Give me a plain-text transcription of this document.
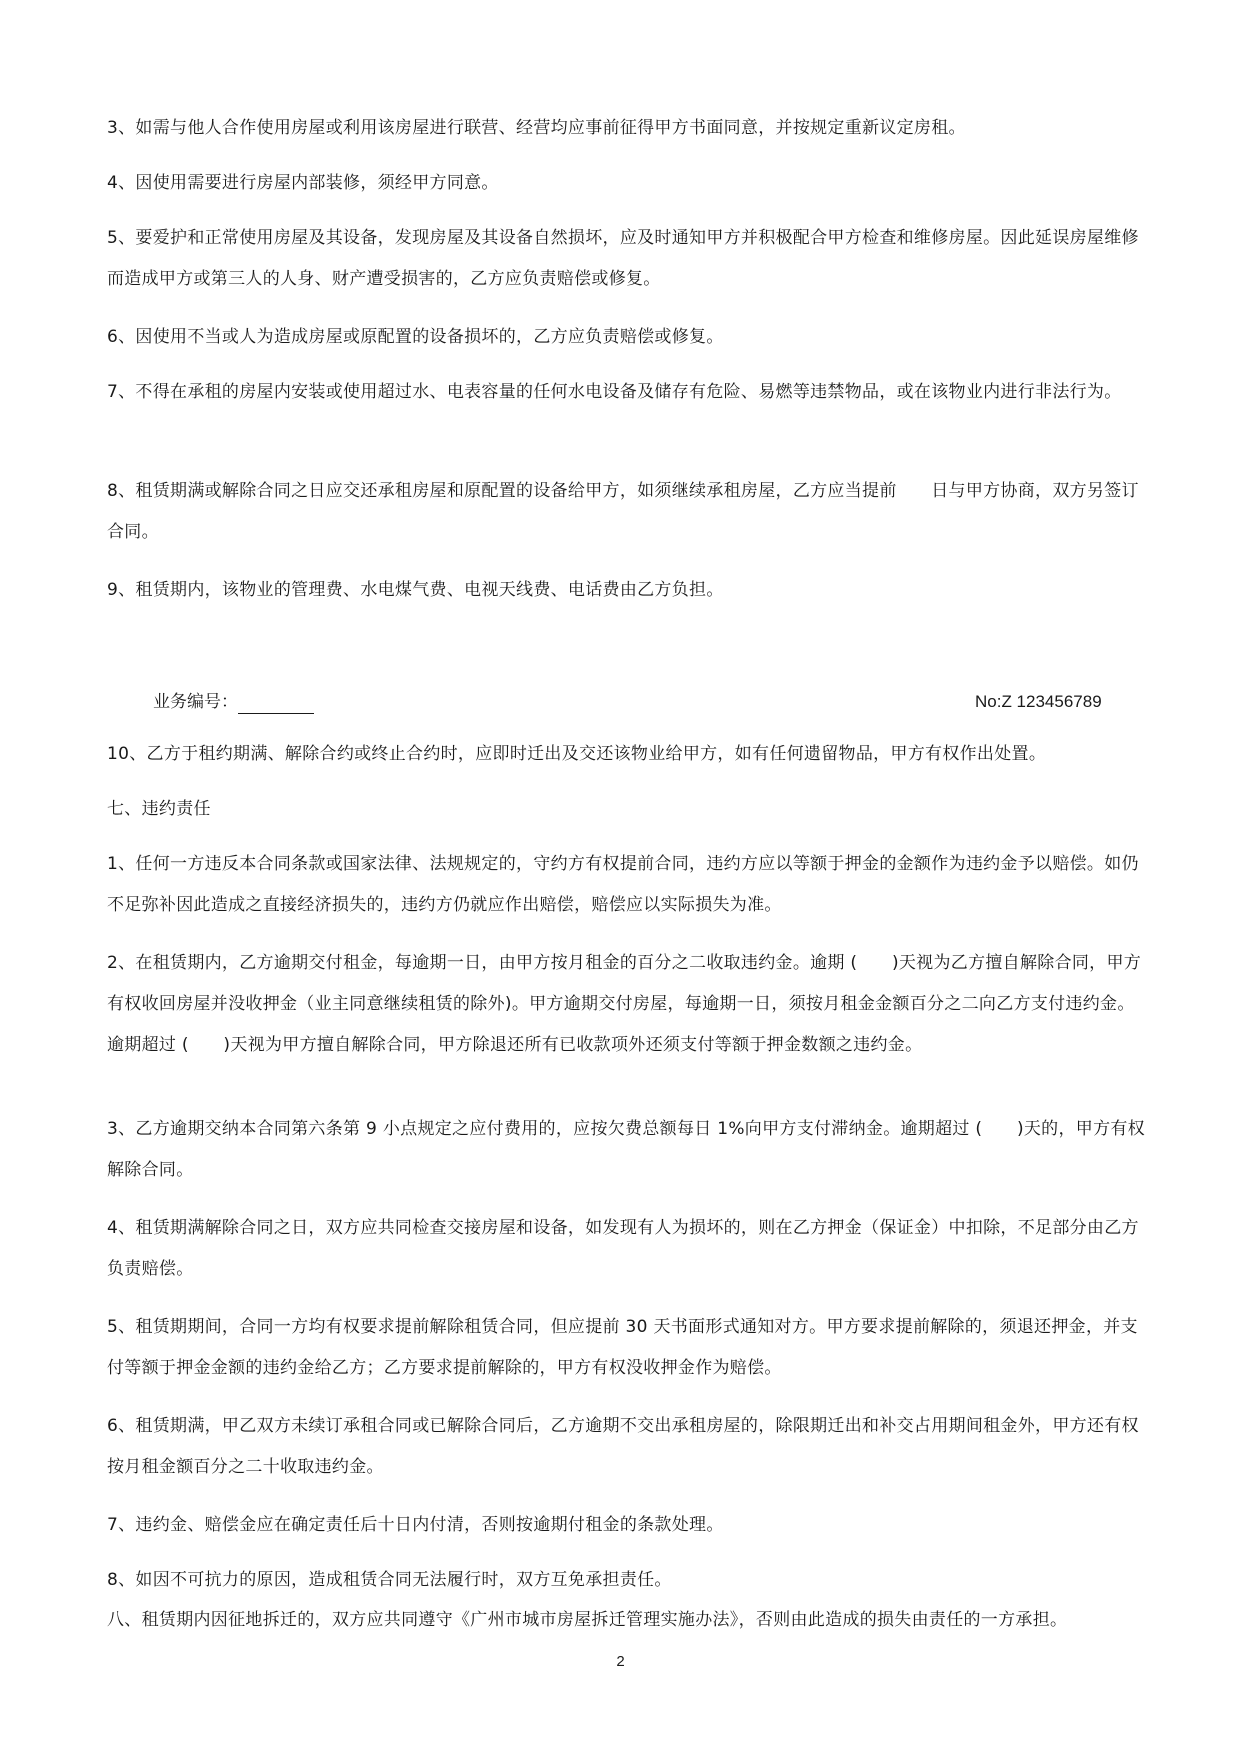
3、如需与他人合作使用房屋或利用该房屋进行联营、经营均应事前征得甲方书面同意，并按规定重新议定房租。

4、因使用需要进行房屋内部装修，须经甲方同意。

5、要爱护和正常使用房屋及其设备，发现房屋及其设备自然损坏，应及时通知甲方并积极配合甲方检查和维修房屋。因此延误房屋维修而造成甲方或第三人的人身、财产遭受损害的，乙方应负责赔偿或修复。

6、因使用不当或人为造成房屋或原配置的设备损坏的，乙方应负责赔偿或修复。

7、不得在承租的房屋内安装或使用超过水、电表容量的任何水电设备及储存有危险、易燃等违禁物品，或在该物业内进行非法行为。

8、租赁期满或解除合同之日应交还承租房屋和原配置的设备给甲方，如须继续承租房屋，乙方应当提前　　日与甲方协商，双方另签订合同。

9、租赁期内，该物业的管理费、水电煤气费、电视天线费、电话费由乙方负担。

业务编号：	No:Z 123456789

10、乙方于租约期满、解除合约或终止合约时，应即时迁出及交还该物业给甲方，如有任何遗留物品，甲方有权作出处置。

七、违约责任

1、任何一方违反本合同条款或国家法律、法规规定的，守约方有权提前合同，违约方应以等额于押金的金额作为违约金予以赔偿。如仍不足弥补因此造成之直接经济损失的，违约方仍就应作出赔偿，赔偿应以实际损失为准。

2、在租赁期内，乙方逾期交付租金，每逾期一日，由甲方按月租金的百分之二收取违约金。逾期 (　　)天视为乙方擅自解除合同，甲方有权收回房屋并没收押金（业主同意继续租赁的除外)。甲方逾期交付房屋，每逾期一日，须按月租金金额百分之二向乙方支付违约金。逾期超过 (　　)天视为甲方擅自解除合同，甲方除退还所有已收款项外还须支付等额于押金数额之违约金。

3、乙方逾期交纳本合同第六条第 9 小点规定之应付费用的，应按欠费总额每日 1%向甲方支付滞纳金。逾期超过 (　　)天的，甲方有权解除合同。

4、租赁期满解除合同之日，双方应共同检查交接房屋和设备，如发现有人为损坏的，则在乙方押金（保证金）中扣除，不足部分由乙方负责赔偿。

5、租赁期期间，合同一方均有权要求提前解除租赁合同，但应提前 30 天书面形式通知对方。甲方要求提前解除的，须退还押金，并支付等额于押金金额的违约金给乙方；乙方要求提前解除的，甲方有权没收押金作为赔偿。

6、租赁期满，甲乙双方未续订承租合同或已解除合同后，乙方逾期不交出承租房屋的，除限期迁出和补交占用期间租金外，甲方还有权按月租金额百分之二十收取违约金。

7、违约金、赔偿金应在确定责任后十日内付清，否则按逾期付租金的条款处理。

8、如因不可抗力的原因，造成租赁合同无法履行时，双方互免承担责任。

八、租赁期内因征地拆迁的，双方应共同遵守《广州市城市房屋拆迁管理实施办法》，否则由此造成的损失由责任的一方承担。

2
